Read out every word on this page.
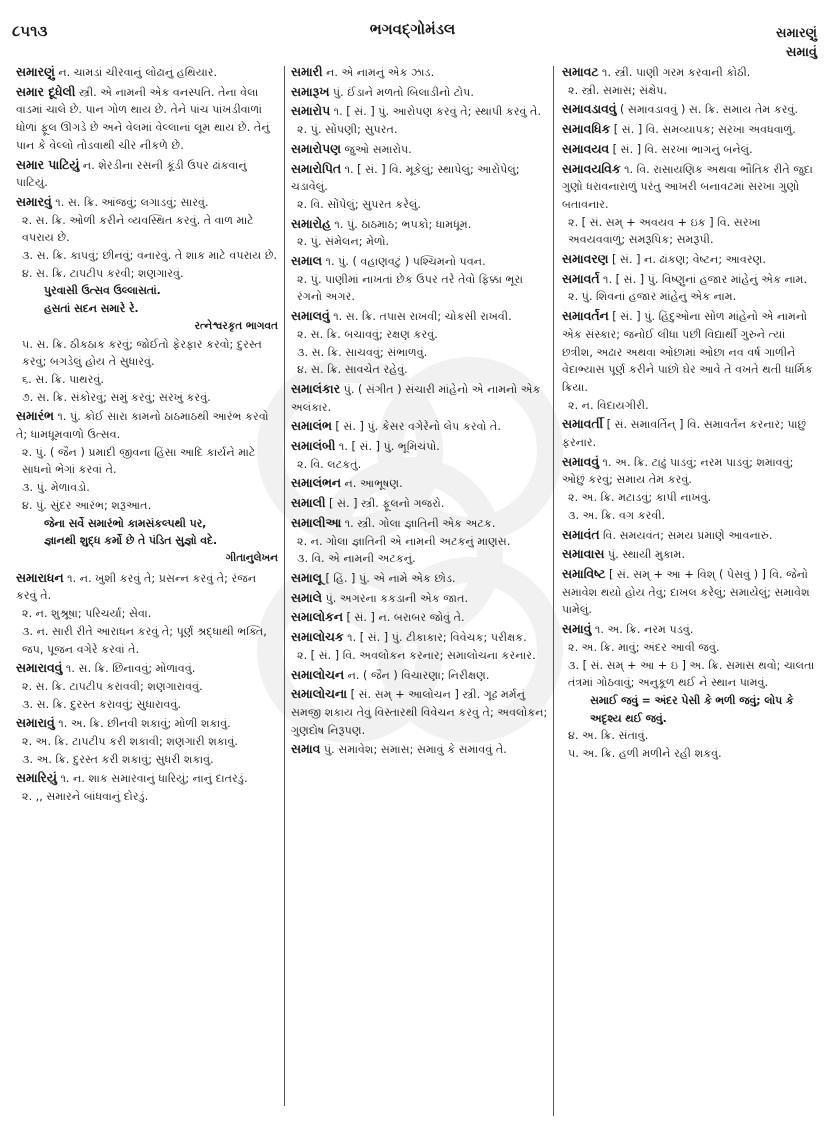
૮૫૧૩	ભગવદ્ગોમંડલ	સમારણું
સમાવું
સમારણું ન. ચામડાં ચીરવાનું લોઢાનું હથિયાર.
સમાર દૂધેલી સ્ત્રી. એ નામની એક વનસ્પતિ. તેના વેલા વાડમાં ચાલે છે. પાન ગોળ થાય છે. તેને પાંચ પાંખડીવાળાં ધોળાં ફૂલ ઊગડે છે અને વેલમાં વેલ્લાનાં લૂમ થાય છે. તેનું પાન કે વેલ્લો તોડવાથી ચીર નીકળે છે.
સમાર પાટિયું ન. શેરડીના રસની કૂંડી ઉપર ઢાંકવાનું પાટિયું.
સમારવું ૧. સ. ક્રિ. આંજવું; લગાડવું; સારવું.
૨. સ. ક્રિ. ઓળી કરીને વ્યવસ્થિત કરવું. તે વાળ માટે વપરાય છે.
૩. સ. ક્રિ. કાપવું; છીનવું; વનારવું. તે શાક માટે વપરાય છે.
૪. સ. ક્રિ. ટાપટીપ કરવી; શણગારવું.
પુરવાસી ઉત્સવ ઉલ્લાસતાં.
હસતાં સદન સમારે રે.
રત્નેશ્વરકૃત ભાગવત
૫. સ. ક્રિ. ઠીકઠાક કરવું; જોઈતો ફેરફાર કરવો; દુરસ્ત કરવું; બગડેલું હોય તે સુધારવું.
૬. સ. ક્રિ. પાથરવું.
૭. સ. ક્રિ. સંકોરવું; સમું કરવું; સરખું કરવું.
સમારંભ ૧. પું. કોઈ સારા કામનો ઠાઠમાઠથી આરંભ કરવો તે; ધામધૂમવાળો ઉત્સવ.
૨. પું. ( જૈન ) પ્રમાદી જીવના હિંસા આદિ કાર્યને માટે સાધનો ભેગાં કરવાં તે.
૩. પું. મેળાવડો.
૪. પું. સુંદર આરંભ; શરૂઆત.
જેના સર્વે સમારંભો કામસંકલ્પથી પર,
જ્ઞાનથી શુદ્ધ કર્મો છે તે પંડિત સુજ્ઞો વદે.
ગીતાનુલેખન
સમારાધન ૧. ન. ખુશી કરવું તે; પ્રસન્ન કરવું તે; રંજન કરવું તે.
૨. ન. શુશ્રૂષા; પરિચર્યા; સેવા.
૩. ન. સારી રીતે આરાધન કરવું તે; પૂર્ણ શ્રદ્ધાથી ભક્તિ, જપ, પૂજન વગેરે કરવાં તે.
સમારાવવું ૧. સ. ક્રિ. છિંનાવવું; મોળાવવું.
૨. સ. ક્રિ. ટાપટીપ કરાવવી; શણગારાવવું.
૩. સ. ક્રિ. દુરસ્ત કરાવવું; સુધારાવવું.
સમારાવું ૧. અ. ક્રિ. છીનવી શકાવું; મોળી શકાવું.
૨. અ. ક્રિ. ટાપટીપ કરી શકાવી; શણગારી શકાવું.
૩. અ. ક્રિ. દુરસ્ત કરી શકાવું; સુધરી શકાવું.
સમારિયું ૧. ન. શાક સમારવાનું ધારિયું; નાનું દાતરડું.
૨. ,, સમારને બાંધવાનું દોરડું.
સમારી ન. એ નામનું એક ઝાડ.
સમારૂખ પું. ઈંડાને મળતો બિલાડીનો ટોપ.
સમારોપ ૧. [ સં. ] પું. આરોપણ કરવું તે; સ્થાપી કરવું તે.
૨. પું. સોંપણી; સુપરત.
સમારોપણ જુઓ સમારોપ.
સમારોપિત ૧. [ સં. ] વિ. મૂકેલું; સ્થાપેલું; આરોપેલું; ચડાવેલું.
૨. વિ. સોંપેલું; સુપરત કરેલું.
સમારોહ ૧. પું. ઠાઠમાઠ; ભપકો; ધામધૂમ.
૨. પું. સંમેલન; મેળો.
સમાલ ૧. પું. ( વહાણવટું ) પશ્ચિમનો પવન.
૨. પું. પાણીમાં નાખતાં છેક ઉપર તરે તેવો ફિક્કા ભૂરા રંગનો અગર.
સમાલવું ૧. સ. ક્રિ. તપાસ રાખવી; ચોકસી રાખવી.
૨. સ. ક્રિ. બચાવવું; રક્ષણ કરવું.
૩. સ. ક્રિ. સાચવવું; સંભાળવું.
૪. સ. ક્રિ. સાવચેત રહેવું.
સમાલંકાર પું. ( સંગીત ) સંચારી માંહેનો એ નામનો એક અલંકાર.
સમાલંભ [ સં. ] પું. કેસર વગેરેનો લેપ કરવો તે.
સમાલંબી ૧. [ સં. ] પું. ભૂમિચંપો.
૨. વિ. લટકતું.
સમાલંભન ન. આભૂષણ.
સમાલી [ સં. ] સ્ત્રી. ફૂલનો ગજરો.
સમાલીઆ ૧. સ્ત્રી. ગોલા જ્ઞાતિની એક અટક.
૨. ન. ગોલા જ્ઞાતિની એ નામની અટકનું માણસ.
૩. વિ. એ નામની અટકનું.
સમાલૂ [ હિં. ] પું. એ નામે એક છોડ.
સમાલે પું. અગરના કકડાની એક જાત.
સમાલોકન [ સં. ] ન. બરાબર જોવું તે.
સમાલોચક ૧. [ સં. ] પું. ટીકાકાર; વિવેચક; પરીક્ષક.
૨. [ સં. ] વિ. અવલોકન કરનાર; સમાલોચના કરનાર.
સમાલોચન ન. ( જૈન ) વિચારણા; નિરીક્ષણ.
સમાલોચના [ સં. સમ્ + આલોચન ] સ્ત્રી. ગૂઢ મર્મનું સમજી શકાય તેવું વિસ્તારથી વિવેચન કરવું તે; અવલોકન; ગુણદોષ નિરૂપણ.
સમાવ પું. સમાવેશ; સમાસ; સમાવું કે સમાવવું તે.
સમાવટ ૧. સ્ત્રી. પાણી ગરમ કરવાની કોઠી.
૨. સ્ત્રી. સમાસ; સંક્ષેપ.
સમાવડાવવું ( સમાવડાવવું ) સ. ક્રિ. સમાય તેમ કરવું.
સમાવધિક [ સં. ] વિ. સમવ્યાપક; સરખા અવધવાળું.
સમાવયવ [ સં. ] વિ. સરખા ભાગનું બનેલું.
સમાવયવિક ૧. વિ. રાસાયણિક અથવા ભૌતિક રીતે જુદા ગુણો ધરાવનારાળું પરંતુ આખરી બનાવટમાં સરખા ગુણો બતાવનાર.
૨. [ સં. સમ્ + અવયવ + ઇક ] વિ. સરખા અવયવવાળું; સમરૂપિક; સમરૂપી.
સમાવરણ [ સં. ] ન. ઢાંકણ; વેષ્ટન; આવરણ.
સમાવર્ત ૧. [ સં. ] પું. વિષ્ણુનાં હજાર માંહેનું એક નામ.
૨. પું. શિવનાં હજાર માંહેનું એક નામ.
સમાવર્તન [ સં. ] પું. હિંદુઓના સોળ માંહેનો એ નામનો એક સંસ્કાર; જનોઈ લીધા પછી વિદ્યાર્થી ગુરુને ત્યાં છત્રીશ, અઢાર અથવા ઓછામાં ઓછા નવ વર્ષ ગાળીને વેદાભ્યાસ પૂર્ણ કરીને પાછો ઘેર આવે તે વખતે થતી ધાર્મિક ક્રિયા.
૨. ન. વિદાયગીરી.
સમાવર્તી [ સં. સમાવર્તિન્ ] વિ. સમાવર્તન કરનાર; પાછું ફરનાર.
સમાવવું ૧. અ. ક્રિ. ટાઢું પાડવું; નરમ પાડવું; શમાવવું; ઓછું કરવું; સમાય તેમ કરવું.
૨. અ. ક્રિ. મટાડવું; કાપી નાખવું.
૩. અ. ક્રિ. વગ કરવી.
સમાવંત વિ. સમયવંત; સમય પ્રમાણે આવનારું.
સમાવાસ પું. સ્થાયી મુકામ.
સમાવિષ્ટ [ સં. સમ્ + આ + વિશ્ ( પેસવું ) ] વિ. જેનો સમાવેશ થયો હોય તેવું; દાખલ કરેલું; સમાયેલું; સમાવેશ પામેલું.
સમાવું ૧. અ. ક્રિ. નરમ પડવું.
૨. અ. ક્રિ. માવું; અંદર આવી જવું.
૩. [ સં. સમ્ + આ + ઇ ] અ. ક્રિ. સમાસ થવો; ચાલતા તંત્રમાં ગોઠવાવું; અનુકૂળ થઈ ને સ્થાન પામવું.
સમાઈ જવું = અંદર પેસી કે ભળી જવું; લોપ કે અદૃશ્ય થઈ જવું.
૪. અ. ક્રિ. સંતાવું.
૫. અ. ક્રિ. હળી મળીને રહી શકવું.
